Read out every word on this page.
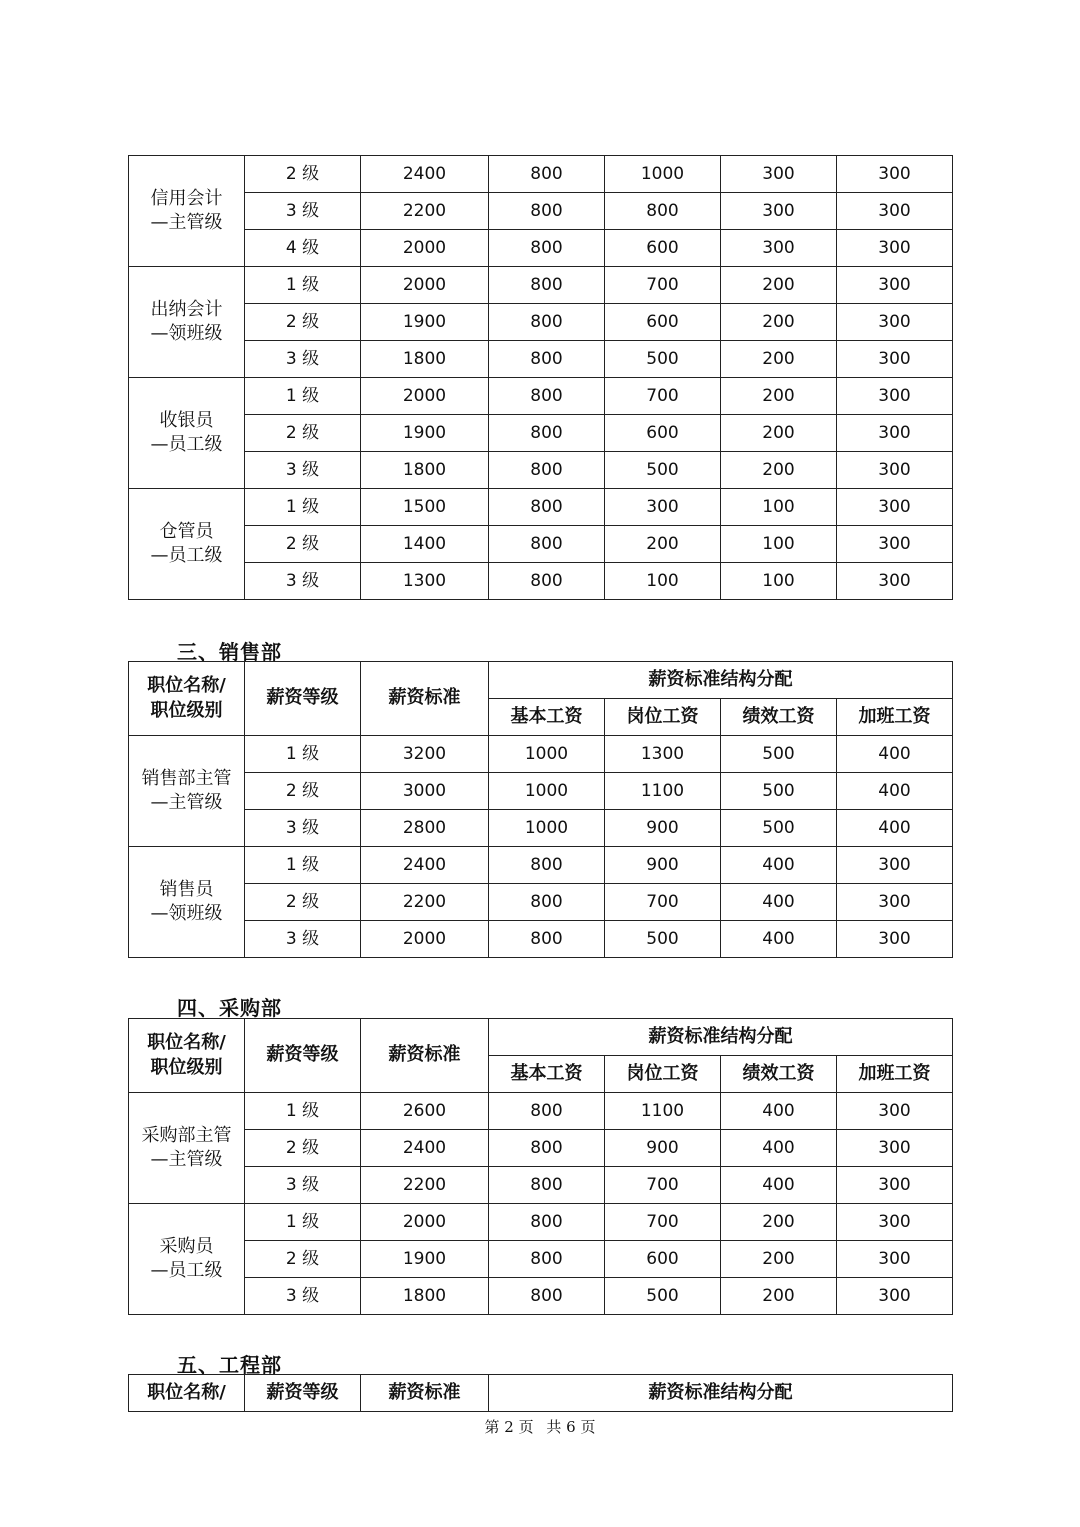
信用会计
—主管级	2 级	2400	800	1000	300	300
	3 级	2200	800	800	300	300
	4 级	2000	800	600	300	300
出纳会计
—领班级	1 级	2000	800	700	200	300
	2 级	1900	800	600	200	300
	3 级	1800	800	500	200	300
收银员
—员工级	1 级	2000	800	700	200	300
	2 级	1900	800	600	200	300
	3 级	1800	800	500	200	300
仓管员
—员工级	1 级	1500	800	300	100	300
	2 级	1400	800	200	100	300
	3 级	1300	800	100	100	300
三、销售部
职位名称/
职位级别	薪资等级	薪资标准	薪资标准结构分配			
			基本工资	岗位工资	绩效工资	加班工资
销售部主管
—主管级	1 级	3200	1000	1300	500	400
	2 级	3000	1000	1100	500	400
	3 级	2800	1000	900	500	400
销售员
—领班级	1 级	2400	800	900	400	300
	2 级	2200	800	700	400	300
	3 级	2000	800	500	400	300
四、采购部
职位名称/
职位级别	薪资等级	薪资标准	薪资标准结构分配			
			基本工资	岗位工资	绩效工资	加班工资
采购部主管
—主管级	1 级	2600	800	1100	400	300
	2 级	2400	800	900	400	300
	3 级	2200	800	700	400	300
采购员
—员工级	1 级	2000	800	700	200	300
	2 级	1900	800	600	200	300
	3 级	1800	800	500	200	300
五、工程部
职位名称/	薪资等级	薪资标准	薪资标准结构分配
第 2 页 共 6 页
